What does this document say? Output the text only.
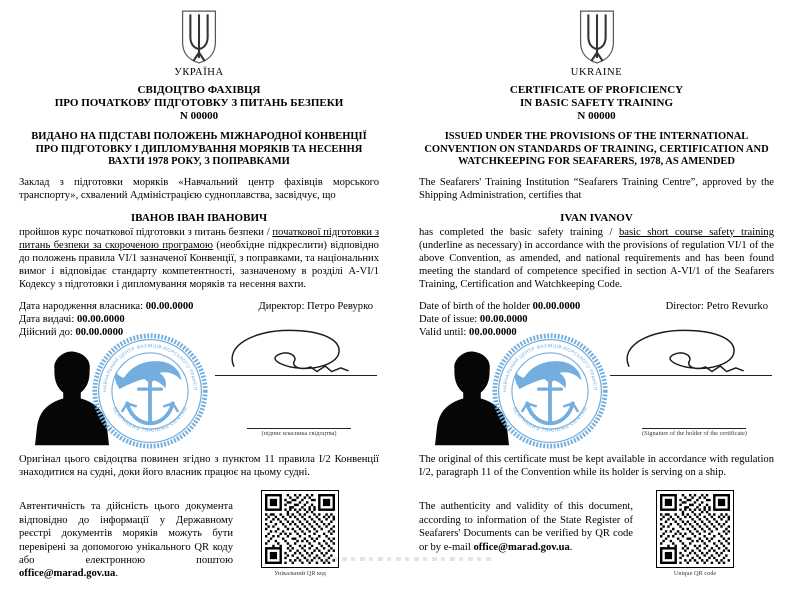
УКРАЇНА
СВІДОЦТВО ФАХІВЦЯ
ПРО ПОЧАТКОВУ ПІДГОТОВКУ З ПИТАНЬ БЕЗПЕКИ
N 00000
ВИДАНО НА ПІДСТАВІ ПОЛОЖЕНЬ МІЖНАРОДНОЇ КОНВЕНЦІЇ ПРО ПІДГОТОВКУ І ДИПЛОМУВАННЯ МОРЯКІВ ТА НЕСЕННЯ ВАХТИ 1978 РОКУ, З ПОПРАВКАМИ

Заклад з підготовки моряків «Навчальний центр фахівців морського транспорту», схвалений Адміністрацією судноплавства, засвідчує, що

ІВАНОВ ІВАН ІВАНОВИЧ

пройшов курс початкової підготовки з питань безпеки / початкової підготовки з питань безпеки за скороченою програмою (необхідне підкреслити) відповідно до положень правила VI/1 зазначеної Конвенції, з поправками, та національних вимог і відповідає стандарту компетентності, зазначеному в розділі A-VI/1 Кодексу з підготовки і дипломування моряків та несення вахти.

Дата народження власника: 00.00.0000
Дата видачі: 00.00.0000
Дійсний до: 00.00.0000
Директор: Петро Ревурко
(підпис власника свідоцтва)

Оригінал цього свідоцтва повинен згідно з пунктом 11 правила I/2 Конвенції знаходитися на судні, доки його власник працює на цьому судні.

Автентичність та дійсність цього документа відповідно до інформації у Державному реєстрі документів моряків можуть бути перевірені за допомогою унікального QR коду або електронною поштою office@marad.gov.ua.	Унікальний QR код
UKRAINE
CERTIFICATE OF PROFICIENCY
IN BASIC SAFETY TRAINING
N 00000
ISSUED UNDER THE PROVISIONS OF THE INTERNATIONAL CONVENTION ON STANDARDS OF TRAINING, CERTIFICATION AND WATCHKEEPING FOR SEAFARERS, 1978, AS AMENDED

The Seafarers' Training Institution “Seafarers Training Centre”, approved by the Shipping Administration, certifies that

IVAN IVANOV

has completed the basic safety training / basic short course safety training (underline as necessary) in accordance with the provisions of regulation VI/1 of the above Convention, as amended, and national requirements and has been found meeting the standard of competence specified in section A-VI/1 of the Seafarers Training, Certification and Watchkeeping Code.

Date of birth of the holder 00.00.0000
Date of issue: 00.00.0000
Valid until: 00.00.0000
Director: Petro Revurko
(Signature of the holder of the certificate)

The original of this certificate must be kept available in accordance with regulation I/2, paragraph 11 of the Convention while its holder is serving on a ship.

The authenticity and validity of this document, according to information of the State Register of Seafarers' Documents can be verified by QR code or by e-mail office@marad.gov.ua.

Unique QR code
